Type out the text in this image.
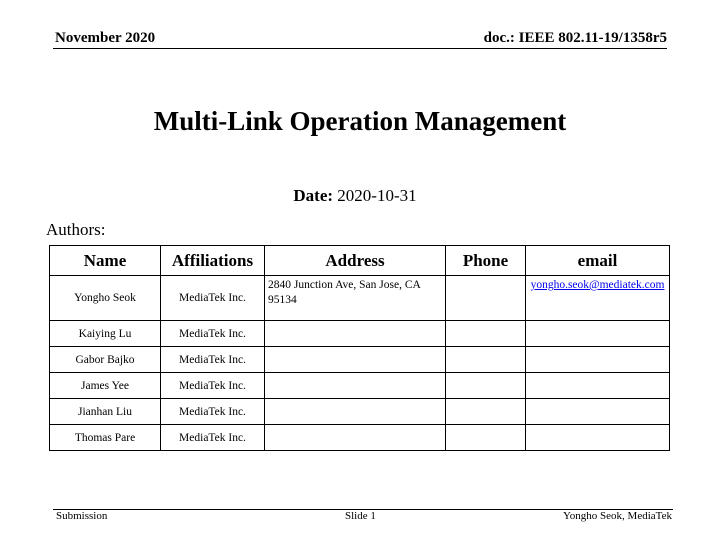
November 2020	doc.: IEEE 802.11-19/1358r5
Multi-Link Operation Management
Date: 2020-10-31
Authors:
Name	Affiliations	Address	Phone	email
Yongho Seok	MediaTek Inc.	2840 Junction Ave, San Jose, CA 95134		yongho.seok@mediatek.com
Kaiying Lu	MediaTek Inc.			
Gabor Bajko	MediaTek Inc.			
James Yee	MediaTek Inc.			
Jianhan Liu	MediaTek Inc.			
Thomas Pare	MediaTek Inc.			
Submission	Slide 1	Yongho Seok, MediaTek
